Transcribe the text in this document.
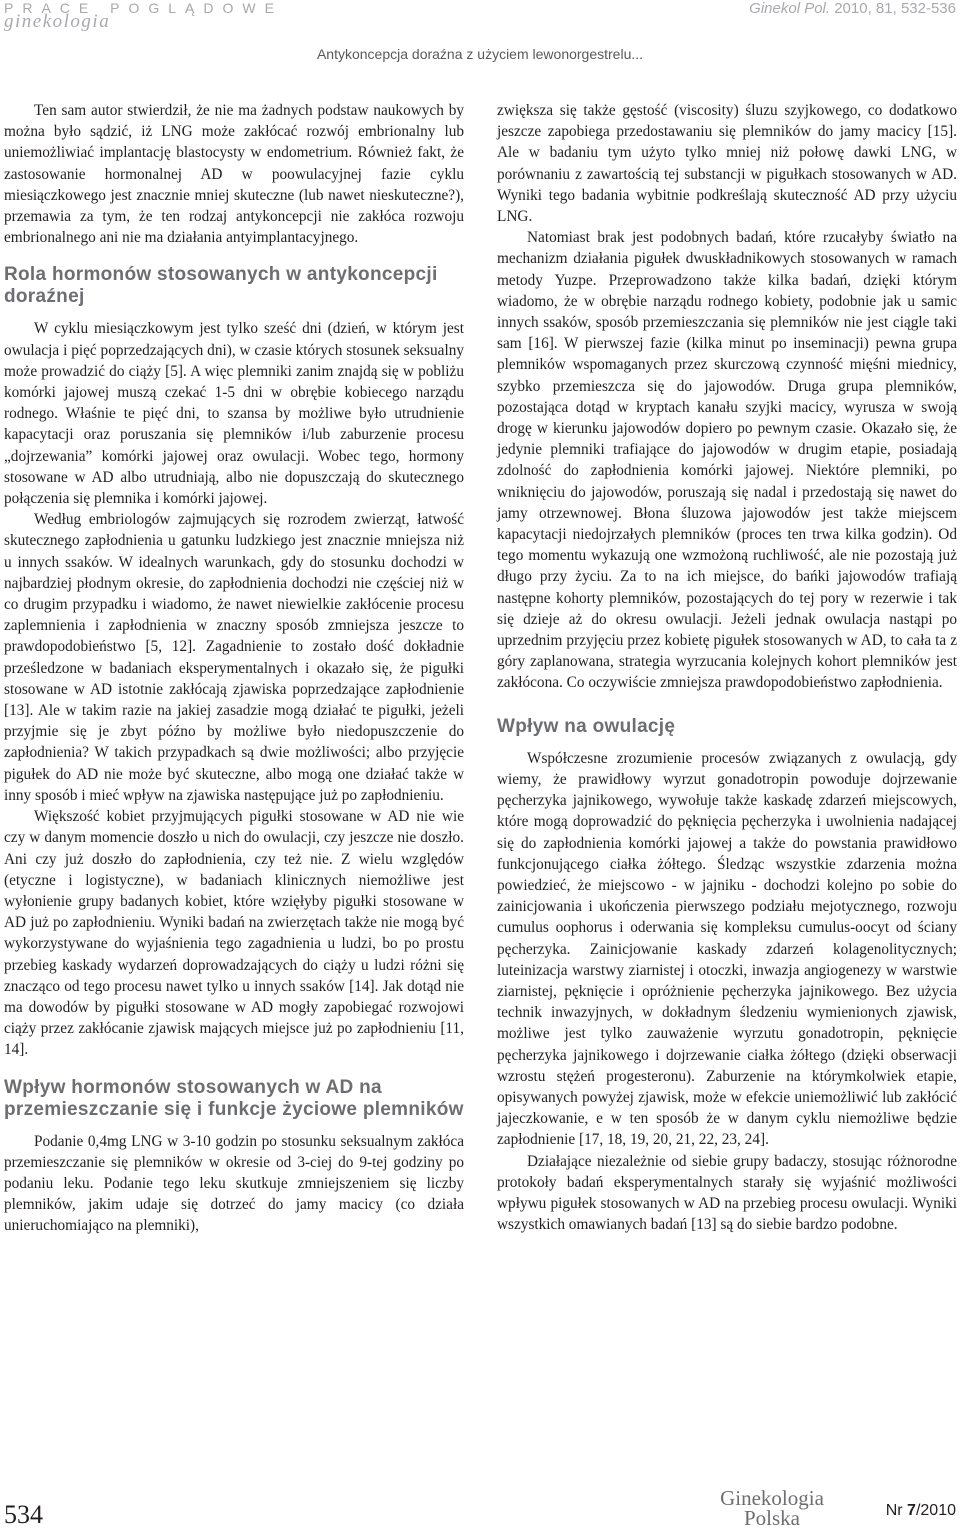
PRACE POGLĄDOWE
ginekologia
Ginekol Pol. 2010, 81, 532-536
Antykoncepcja doraźna z użyciem lewonorgestrelu...

Ten sam autor stwierdził, że nie ma żadnych podstaw naukowych by można było sądzić, iż LNG może zakłócać rozwój embrionalny lub uniemożliwiać implantację blastocysty w endometrium. Również fakt, że zastosowanie hormonalnej AD w poowulacyjnej fazie cyklu miesiączkowego jest znacznie mniej skuteczne (lub nawet nieskuteczne?), przemawia za tym, że ten rodzaj antykoncepcji nie zakłóca rozwoju embrionalnego ani nie ma działania antyimplantacyjnego.

Rola hormonów stosowanych w antykoncepcji doraźnej

W cyklu miesiączkowym jest tylko sześć dni (dzień, w którym jest owulacja i pięć poprzedzających dni), w czasie których stosunek seksualny może prowadzić do ciąży [5]. A więc plemniki zanim znajdą się w pobliżu komórki jajowej muszą czekać 1-5 dni w obrębie kobiecego narządu rodnego. Właśnie te pięć dni, to szansa by możliwe było utrudnienie kapacytacji oraz poruszania się plemników i/lub zaburzenie procesu „dojrzewania” komórki jajowej oraz owulacji. Wobec tego, hormony stosowane w AD albo utrudniają, albo nie dopuszczają do skutecznego połączenia się plemnika i komórki jajowej.

Według embriologów zajmujących się rozrodem zwierząt, łatwość skutecznego zapłodnienia u gatunku ludzkiego jest znacznie mniejsza niż u innych ssaków. W idealnych warunkach, gdy do stosunku dochodzi w najbardziej płodnym okresie, do zapłodnienia dochodzi nie częściej niż w co drugim przypadku i wiadomo, że nawet niewielkie zakłócenie procesu zaplemnienia i zapłodnienia w znaczny sposób zmniejsza jeszcze to prawdopodobieństwo [5, 12]. Zagadnienie to zostało dość dokładnie prześledzone w badaniach eksperymentalnych i okazało się, że pigułki stosowane w AD istotnie zakłócają zjawiska poprzedzające zapłodnienie [13]. Ale w takim razie na jakiej zasadzie mogą działać te pigułki, jeżeli przyjmie się je zbyt późno by możliwe było niedopuszczenie do zapłodnienia? W takich przypadkach są dwie możliwości; albo przyjęcie pigułek do AD nie może być skuteczne, albo mogą one działać także w inny sposób i mieć wpływ na zjawiska następujące już po zapłodnieniu.

Większość kobiet przyjmujących pigułki stosowane w AD nie wie czy w danym momencie doszło u nich do owulacji, czy jeszcze nie doszło. Ani czy już doszło do zapłodnienia, czy też nie. Z wielu względów (etyczne i logistyczne), w badaniach klinicznych niemożliwe jest wyłonienie grupy badanych kobiet, które wzięłyby pigułki stosowane w AD już po zapłodnieniu. Wyniki badań na zwierzętach także nie mogą być wykorzystywane do wyjaśnienia tego zagadnienia u ludzi, bo po prostu przebieg kaskady wydarzeń doprowadzających do ciąży u ludzi różni się znacząco od tego procesu nawet tylko u innych ssaków [14]. Jak dotąd nie ma dowodów by pigułki stosowane w AD mogły zapobiegać rozwojowi ciąży przez zakłócanie zjawisk mających miejsce już po zapłodnieniu [11, 14].

Wpływ hormonów stosowanych w AD na przemieszczanie się i funkcje życiowe plemników

Podanie 0,4mg LNG w 3-10 godzin po stosunku seksualnym zakłóca przemieszczanie się plemników w okresie od 3-ciej do 9-tej godziny po podaniu leku. Podanie tego leku skutkuje zmniejszeniem się liczby plemników, jakim udaje się dotrzeć do jamy macicy (co działa unieruchomiająco na plemniki),

zwiększa się także gęstość (viscosity) śluzu szyjkowego, co dodatkowo jeszcze zapobiega przedostawaniu się plemników do jamy macicy [15]. Ale w badaniu tym użyto tylko mniej niż połowę dawki LNG, w porównaniu z zawartością tej substancji w pigułkach stosowanych w AD. Wyniki tego badania wybitnie podkreślają skuteczność AD przy użyciu LNG.

Natomiast brak jest podobnych badań, które rzucałyby światło na mechanizm działania pigułek dwuskładnikowych stosowanych w ramach metody Yuzpe. Przeprowadzono także kilka badań, dzięki którym wiadomo, że w obrębie narządu rodnego kobiety, podobnie jak u samic innych ssaków, sposób przemieszczania się plemników nie jest ciągle taki sam [16]. W pierwszej fazie (kilka minut po inseminacji) pewna grupa plemników wspomaganych przez skurczową czynność mięśni miednicy, szybko przemieszcza się do jajowodów. Druga grupa plemników, pozostająca dotąd w kryptach kanału szyjki macicy, wyrusza w swoją drogę w kierunku jajowodów dopiero po pewnym czasie. Okazało się, że jedynie plemniki trafiające do jajowodów w drugim etapie, posiadają zdolność do zapłodnienia komórki jajowej. Niektóre plemniki, po wniknięciu do jajowodów, poruszają się nadal i przedostają się nawet do jamy otrzewnowej. Błona śluzowa jajowodów jest także miejscem kapacytacji niedojrzałych plemników (proces ten trwa kilka godzin). Od tego momentu wykazują one wzmożoną ruchliwość, ale nie pozostają już długo przy życiu. Za to na ich miejsce, do bańki jajowodów trafiają następne kohorty plemników, pozostających do tej pory w rezerwie i tak się dzieje aż do okresu owulacji. Jeżeli jednak owulacja nastąpi po uprzednim przyjęciu przez kobietę pigułek stosowanych w AD, to cała ta z góry zaplanowana, strategia wyrzucania kolejnych kohort plemników jest zakłócona. Co oczywiście zmniejsza prawdopodobieństwo zapłodnienia.

Wpływ na owulację

Współczesne zrozumienie procesów związanych z owulacją, gdy wiemy, że prawidłowy wyrzut gonadotropin powoduje dojrzewanie pęcherzyka jajnikowego, wywołuje także kaskadę zdarzeń miejscowych, które mogą doprowadzić do pęknięcia pęcherzyka i uwolnienia nadającej się do zapłodnienia komórki jajowej a także do powstania prawidłowo funkcjonującego ciałka żółtego. Śledząc wszystkie zdarzenia można powiedzieć, że miejscowo - w jajniku - dochodzi kolejno po sobie do zainicjowania i ukończenia pierwszego podziału mejotycznego, rozwoju cumulus oophorus i oderwania się kompleksu cumulus-oocyt od ściany pęcherzyka. Zainicjowanie kaskady zdarzeń kolagenolitycznych; luteinizacja warstwy ziarnistej i otoczki, inwazja angiogenezy w warstwie ziarnistej, pęknięcie i opróżnienie pęcherzyka jajnikowego. Bez użycia technik inwazyjnych, w dokładnym śledzeniu wymienionych zjawisk, możliwe jest tylko zauważenie wyrzutu gonadotropin, pęknięcie pęcherzyka jajnikowego i dojrzewanie ciałka żółtego (dzięki obserwacji wzrostu stężeń progesteronu). Zaburzenie na którymkolwiek etapie, opisywanych powyżej zjawisk, może w efekcie uniemożliwić lub zakłócić jajeczkowanie, e w ten sposób że w danym cyklu niemożliwe będzie zapłodnienie [17, 18, 19, 20, 21, 22, 23, 24].

Działające niezależnie od siebie grupy badaczy, stosując różnorodne protokoły badań eksperymentalnych starały się wyjaśnić możliwości wpływu pigułek stosowanych w AD na przebieg procesu owulacji. Wyniki wszystkich omawianych badań [13] są do siebie bardzo podobne.

534
Ginekologia
Polska	Nr 7/2010
